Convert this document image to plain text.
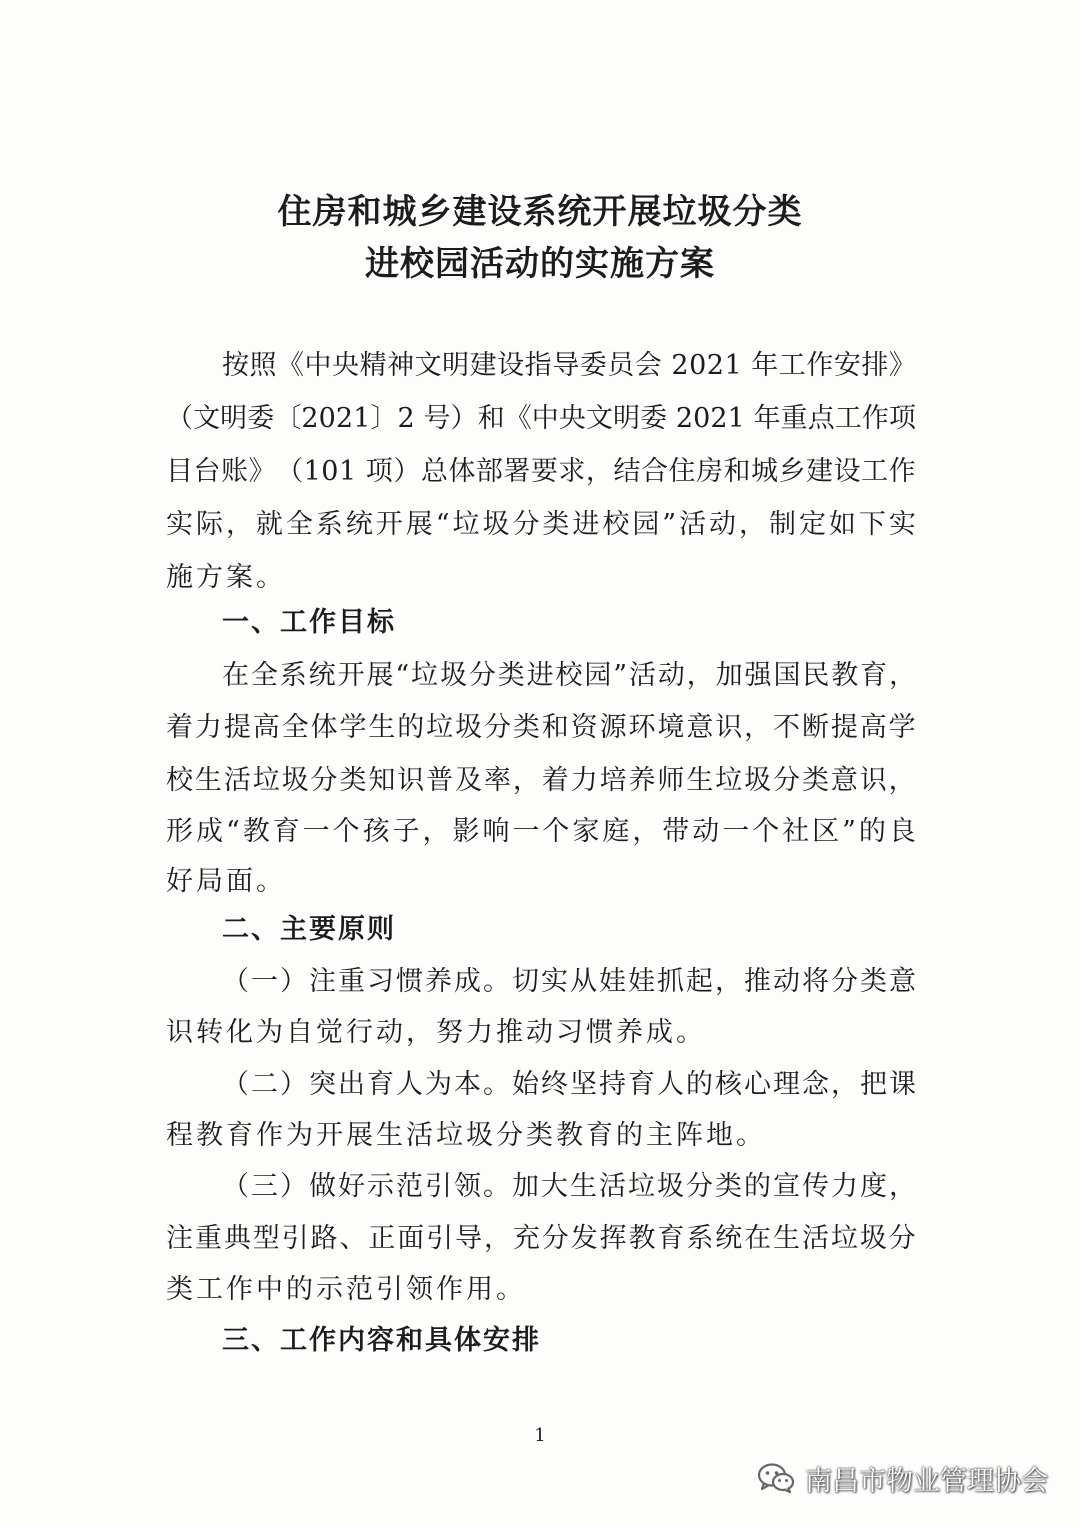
住房和城乡建设系统开展垃圾分类
进校园活动的实施方案
按 照 《 中 央 精 神 文 明 建 设 指 导 委 员 会
2 0 2 1
年 工 作 安 排 》
（ 文 明 委 〔 2 0 2 1 〕 2
号 ） 和 《 中 央 文 明 委
2 0 2 1
年 重 点 工 作 项
目 台 账 》 （ 1 0 1
项 ） 总 体 部 署 要 求 ， 结 合 住 房 和 城 乡 建 设 工 作
实 际 ， 就 全 系 统 开 展 “ 垃 圾 分 类 进 校 园 ” 活 动 ， 制 定 如 下 实
施方案。
一、工作目标
在 全 系 统 开 展 “ 垃 圾 分 类 进 校 园 ” 活 动 ， 加 强 国 民 教 育 ，
着 力 提 高 全 体 学 生 的 垃 圾 分 类 和 资 源 环 境 意 识 ， 不 断 提 高 学
校 生 活 垃 圾 分 类 知 识 普 及 率 ， 着 力 培 养 师 生 垃 圾 分 类 意 识 ，
形 成 “ 教 育 一 个 孩 子 ， 影 响 一 个 家 庭 ， 带 动 一 个 社 区 ” 的 良
好局面。
二、主要原则
（ 一 ） 注 重 习 惯 养 成 。 切 实 从 娃 娃 抓 起 ， 推 动 将 分 类 意
识转化为自觉行动，努力推动习惯养成。
（ 二 ） 突 出 育 人 为 本 。 始 终 坚 持 育 人 的 核 心 理 念 ， 把 课
程教育作为开展生活垃圾分类教育的主阵地。
（ 三 ） 做 好 示 范 引 领 。 加 大 生 活 垃 圾 分 类 的 宣 传 力 度 ，
注 重 典 型 引 路 、 正 面 引 导 ， 充 分 发 挥 教 育 系 统 在 生 活 垃 圾 分
类工作中的示范引领作用。
三、工作内容和具体安排
1
南昌市物业管理协会
